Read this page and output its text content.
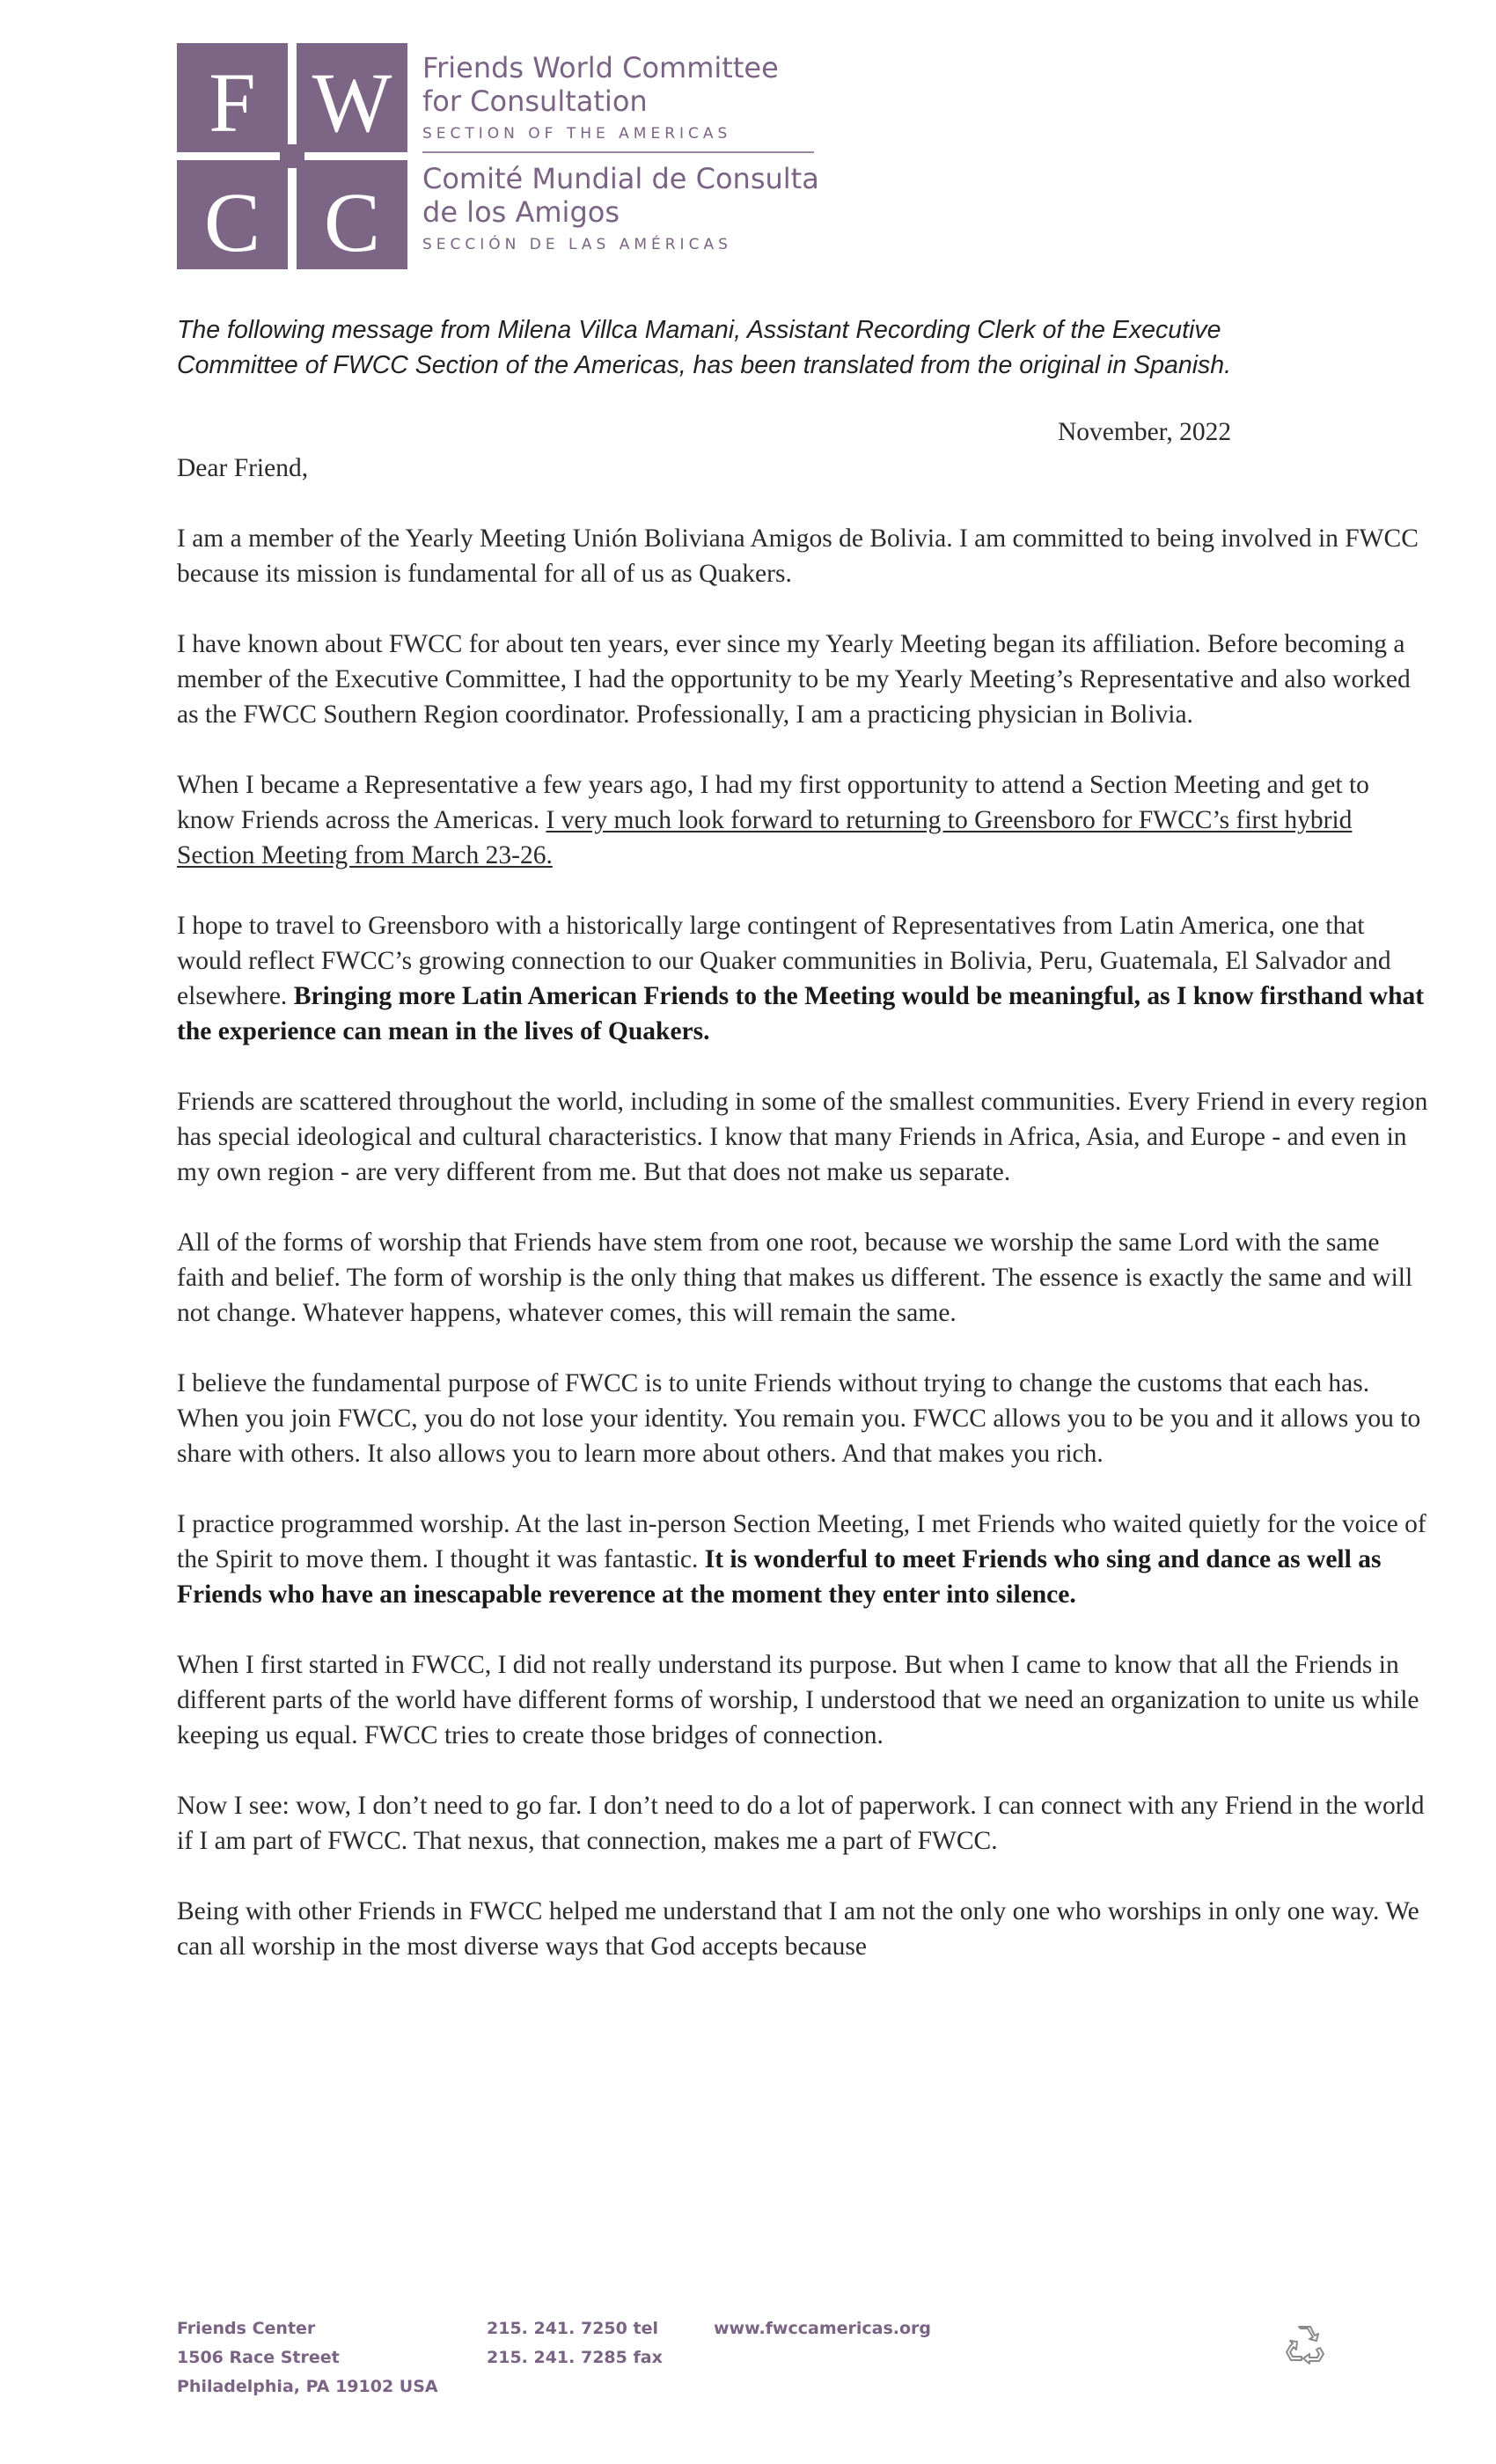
F W
C C
Friends World Committee
for Consultation
SECTION OF THE AMERICAS
Comité Mundial de Consulta
de los Amigos
SECCIÓN DE LAS AMÉRICAS

The following message from Milena Villca Mamani, Assistant Recording Clerk of the Executive Committee of FWCC Section of the Americas, has been translated from the original in Spanish.

November, 2022

Dear Friend,

I am a member of the Yearly Meeting Unión Boliviana Amigos de Bolivia. I am committed to being involved in FWCC because its mission is fundamental for all of us as Quakers.

I have known about FWCC for about ten years, ever since my Yearly Meeting began its affiliation. Before becoming a member of the Executive Committee, I had the opportunity to be my Yearly Meeting’s Representative and also worked as the FWCC Southern Region coordinator. Professionally, I am a practicing physician in Bolivia.

When I became a Representative a few years ago, I had my first opportunity to attend a Section Meeting and get to know Friends across the Americas. I very much look forward to returning to Greensboro for FWCC’s first hybrid Section Meeting from March 23-26.

I hope to travel to Greensboro with a historically large contingent of Representatives from Latin America, one that would reflect FWCC’s growing connection to our Quaker communities in Bolivia, Peru, Guatemala, El Salvador and elsewhere. Bringing more Latin American Friends to the Meeting would be meaningful, as I know firsthand what the experience can mean in the lives of Quakers.

Friends are scattered throughout the world, including in some of the smallest communities. Every Friend in every region has special ideological and cultural characteristics. I know that many Friends in Africa, Asia, and Europe - and even in my own region - are very different from me. But that does not make us separate.

All of the forms of worship that Friends have stem from one root, because we worship the same Lord with the same faith and belief. The form of worship is the only thing that makes us different. The essence is exactly the same and will not change. Whatever happens, whatever comes, this will remain the same.

I believe the fundamental purpose of FWCC is to unite Friends without trying to change the customs that each has. When you join FWCC, you do not lose your identity. You remain you. FWCC allows you to be you and it allows you to share with others. It also allows you to learn more about others. And that makes you rich.

I practice programmed worship. At the last in-person Section Meeting, I met Friends who waited quietly for the voice of the Spirit to move them. I thought it was fantastic. It is wonderful to meet Friends who sing and dance as well as Friends who have an inescapable reverence at the moment they enter into silence.

When I first started in FWCC, I did not really understand its purpose. But when I came to know that all the Friends in different parts of the world have different forms of worship, I understood that we need an organization to unite us while keeping us equal. FWCC tries to create those bridges of connection.

Now I see: wow, I don’t need to go far. I don’t need to do a lot of paperwork. I can connect with any Friend in the world if I am part of FWCC. That nexus, that connection, makes me a part of FWCC.

Being with other Friends in FWCC helped me understand that I am not the only one who worships in only one way. We can all worship in the most diverse ways that God accepts because

Friends Center
1506 Race Street
Philadelphia, PA 19102 USA
215. 241. 7250 tel
215. 241. 7285 fax
www.fwccamericas.org
